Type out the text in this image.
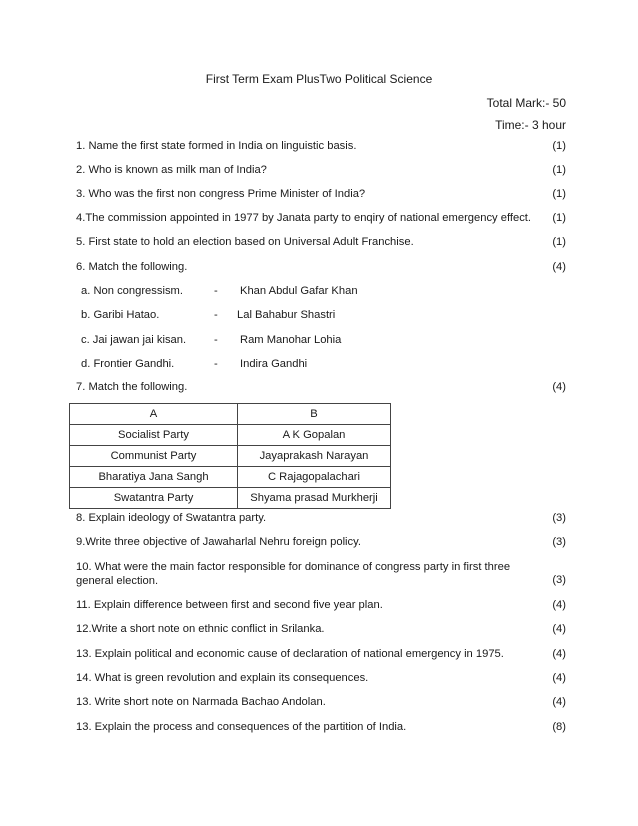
First Term Exam PlusTwo Political Science
Total Mark:- 50
Time:- 3 hour
1. Name the first state formed in India on linguistic basis.	(1)
2. Who is known as milk man of India?	(1)
3. Who was the first non congress Prime Minister of India?	(1)
4.The commission appointed in 1977 by Janata party to enqiry of national emergency effect. (1)
5. First state to hold an election based on Universal Adult Franchise.	(1)
6. Match the following.	(4)
a. Non congressism.	- Khan Abdul Gafar Khan
b. Garibi Hatao.	- Lal Bahabur Shastri
c. Jai jawan jai kisan. - Ram Manohar Lohia
d. Frontier Gandhi.	- Indira Gandhi
7. Match the following.	(4)
A	B
Socialist Party	A K Gopalan
Communist Party	Jayaprakash Narayan
Bharatiya Jana Sangh	C Rajagopalachari
Swatantra Party	Shyama prasad Murkherji
8. Explain ideology of Swatantra party.	(3)
9.Write three objective of Jawaharlal Nehru foreign policy.	(3)
10. What were the main factor responsible for dominance of congress party in first three general election.	(3)
11. Explain difference between first and second five year plan.	(4)
12.Write a short note on ethnic conflict in Srilanka.	(4)
13. Explain political and economic cause of declaration of national emergency in 1975.	(4)
14. What is green revolution and explain its consequences.	(4)
13. Write short note on Narmada Bachao Andolan.	(4)
13. Explain the process and consequences of the partition of India.	(8)
